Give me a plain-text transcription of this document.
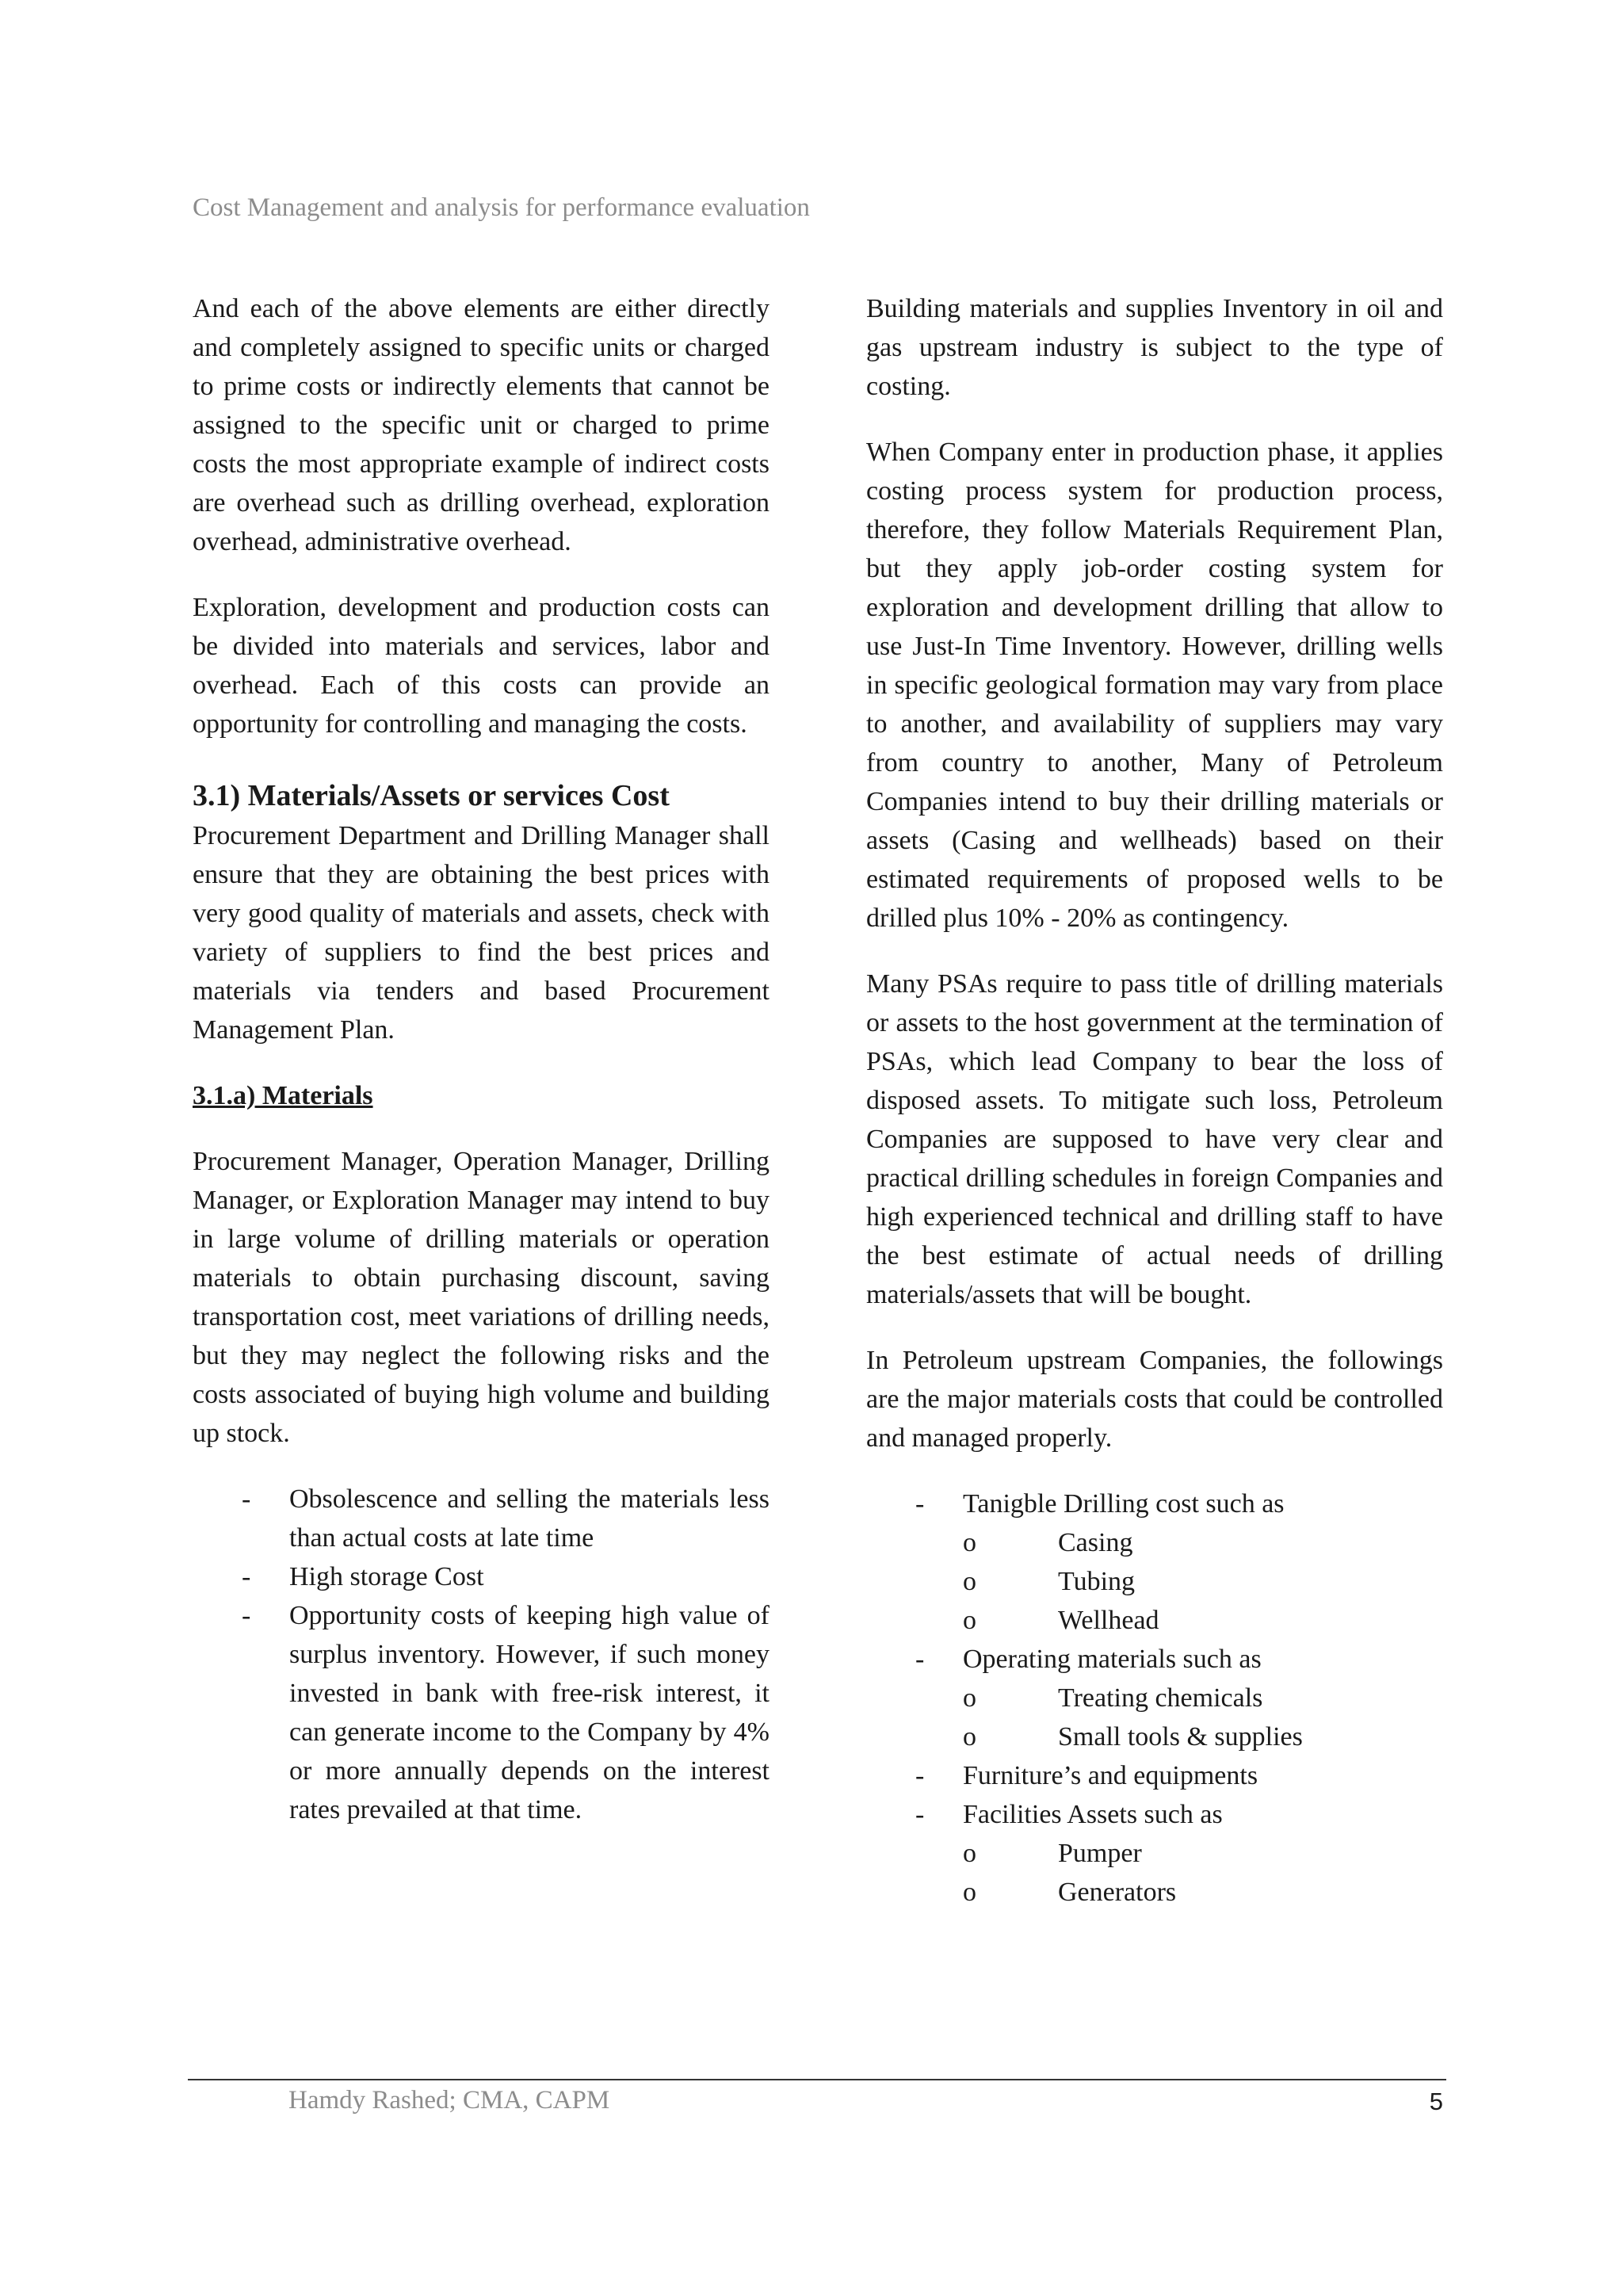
Cost Management and analysis for performance evaluation

And each of the above elements are either directly and completely assigned to specific units or charged to prime costs or indirectly elements that cannot be assigned to the specific unit or charged to prime costs the most appropriate example of indirect costs are overhead such as drilling overhead, exploration overhead, administrative overhead.

Exploration, development and production costs can be divided into materials and services, labor and overhead. Each of this costs can provide an opportunity for controlling and managing the costs.

3.1) Materials/Assets or services Cost

Procurement Department and Drilling Manager shall ensure that they are obtaining the best prices with very good quality of materials and assets, check with variety of suppliers to find the best prices and materials via tenders and based Procurement Management Plan.

3.1.a) Materials

Procurement Manager, Operation Manager, Drilling Manager, or Exploration Manager may intend to buy in large volume of drilling materials or operation materials to obtain purchasing discount, saving transportation cost, meet variations of drilling needs, but they may neglect the following risks and the costs associated of buying high volume and building up stock.

- Obsolescence and selling the materials less than actual costs at late time
- High storage Cost
- Opportunity costs of keeping high value of surplus inventory. However, if such money invested in bank with free-risk interest, it can generate income to the Company by 4% or more annually depends on the interest rates prevailed at that time.

Building materials and supplies Inventory in oil and gas upstream industry is subject to the type of costing.

When Company enter in production phase, it applies costing process system for production process, therefore, they follow Materials Requirement Plan, but they apply job-order costing system for exploration and development drilling that allow to use Just-In Time Inventory. However, drilling wells in specific geological formation may vary from place to another, and availability of suppliers may vary from country to another, Many of Petroleum Companies intend to buy their drilling materials or assets (Casing and wellheads) based on their estimated requirements of proposed wells to be drilled plus 10% - 20% as contingency.

Many PSAs require to pass title of drilling materials or assets to the host government at the termination of PSAs, which lead Company to bear the loss of disposed assets. To mitigate such loss, Petroleum Companies are supposed to have very clear and practical drilling schedules in foreign Companies and high experienced technical and drilling staff to have the best estimate of actual needs of drilling materials/assets that will be bought.

In Petroleum upstream Companies, the followings are the major materials costs that could be controlled and managed properly.

- Tanigble Drilling cost such as
o	Casing
o	Tubing
o	Wellhead
- Operating materials such as
o	Treating chemicals
o	Small tools & supplies
- Furniture’s and equipments
- Facilities Assets such as
o	Pumper
o	Generators
Hamdy Rashed; CMA, CAPM	5
